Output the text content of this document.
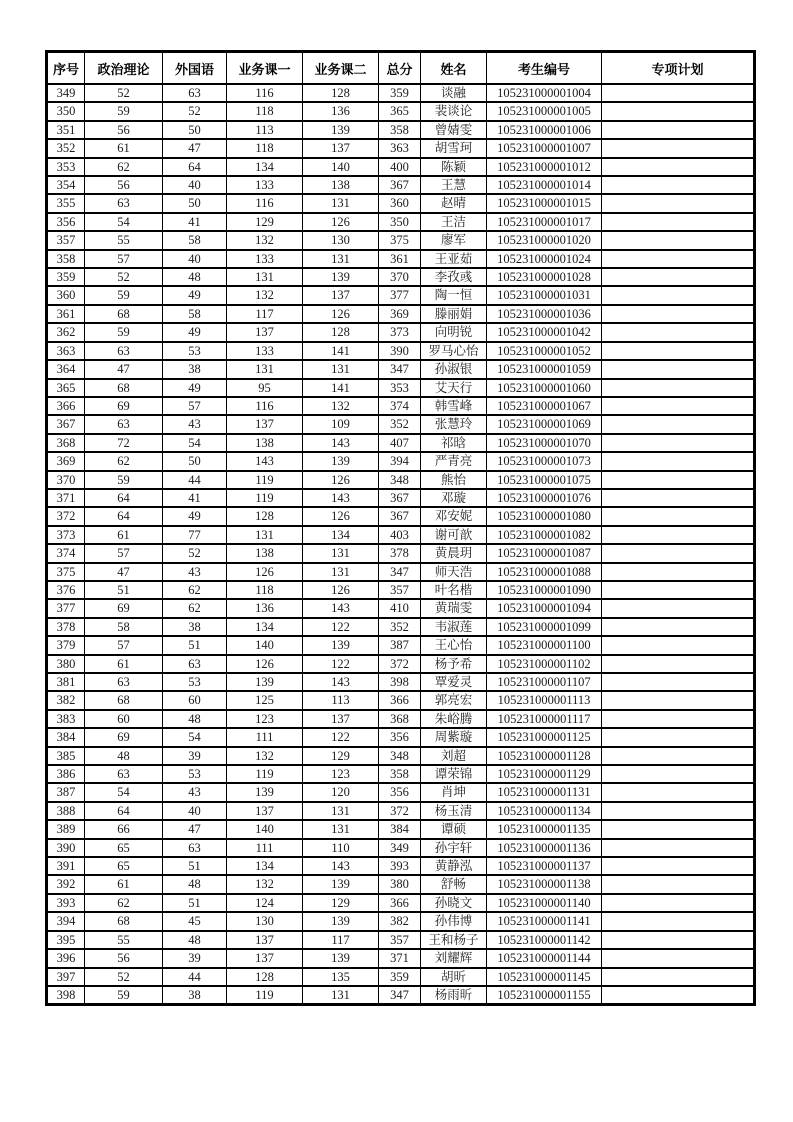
序号	政治理论	外国语	业务课一	业务课二	总分	姓名	考生编号	专项计划
349	52	63	116	128	359	谈融	105231000001004	
350	59	52	118	136	365	裴谈论	105231000001005	
351	56	50	113	139	358	曾婧雯	105231000001006	
352	61	47	118	137	363	胡雪珂	105231000001007	
353	62	64	134	140	400	陈颖	105231000001012	
354	56	40	133	138	367	王慧	105231000001014	
355	63	50	116	131	360	赵晴	105231000001015	
356	54	41	129	126	350	王洁	105231000001017	
357	55	58	132	130	375	廖军	105231000001020	
358	57	40	133	131	361	王亚茹	105231000001024	
359	52	48	131	139	370	李孜彧	105231000001028	
360	59	49	132	137	377	陶一恒	105231000001031	
361	68	58	117	126	369	滕丽娟	105231000001036	
362	59	49	137	128	373	向明锐	105231000001042	
363	63	53	133	141	390	罗马心怡	105231000001052	
364	47	38	131	131	347	孙淑银	105231000001059	
365	68	49	95	141	353	艾天行	105231000001060	
366	69	57	116	132	374	韩雪峰	105231000001067	
367	63	43	137	109	352	张慧玲	105231000001069	
368	72	54	138	143	407	祁晗	105231000001070	
369	62	50	143	139	394	严青亮	105231000001073	
370	59	44	119	126	348	熊怡	105231000001075	
371	64	41	119	143	367	邓璇	105231000001076	
372	64	49	128	126	367	邓安妮	105231000001080	
373	61	77	131	134	403	谢可歆	105231000001082	
374	57	52	138	131	378	黄晨玥	105231000001087	
375	47	43	126	131	347	师天浩	105231000001088	
376	51	62	118	126	357	叶名楷	105231000001090	
377	69	62	136	143	410	黄瑞雯	105231000001094	
378	58	38	134	122	352	韦淑莲	105231000001099	
379	57	51	140	139	387	王心怡	105231000001100	
380	61	63	126	122	372	杨予希	105231000001102	
381	63	53	139	143	398	覃爱灵	105231000001107	
382	68	60	125	113	366	郭亮宏	105231000001113	
383	60	48	123	137	368	朱峪腾	105231000001117	
384	69	54	111	122	356	周紫璇	105231000001125	
385	48	39	132	129	348	刘超	105231000001128	
386	63	53	119	123	358	谭荣锦	105231000001129	
387	54	43	139	120	356	肖坤	105231000001131	
388	64	40	137	131	372	杨玉清	105231000001134	
389	66	47	140	131	384	谭硕	105231000001135	
390	65	63	111	110	349	孙宇轩	105231000001136	
391	65	51	134	143	393	黄静泓	105231000001137	
392	61	48	132	139	380	舒畅	105231000001138	
393	62	51	124	129	366	孙晓文	105231000001140	
394	68	45	130	139	382	孙伟博	105231000001141	
395	55	48	137	117	357	王和杨子	105231000001142	
396	56	39	137	139	371	刘耀辉	105231000001144	
397	52	44	128	135	359	胡昕	105231000001145	
398	59	38	119	131	347	杨雨昕	105231000001155	
